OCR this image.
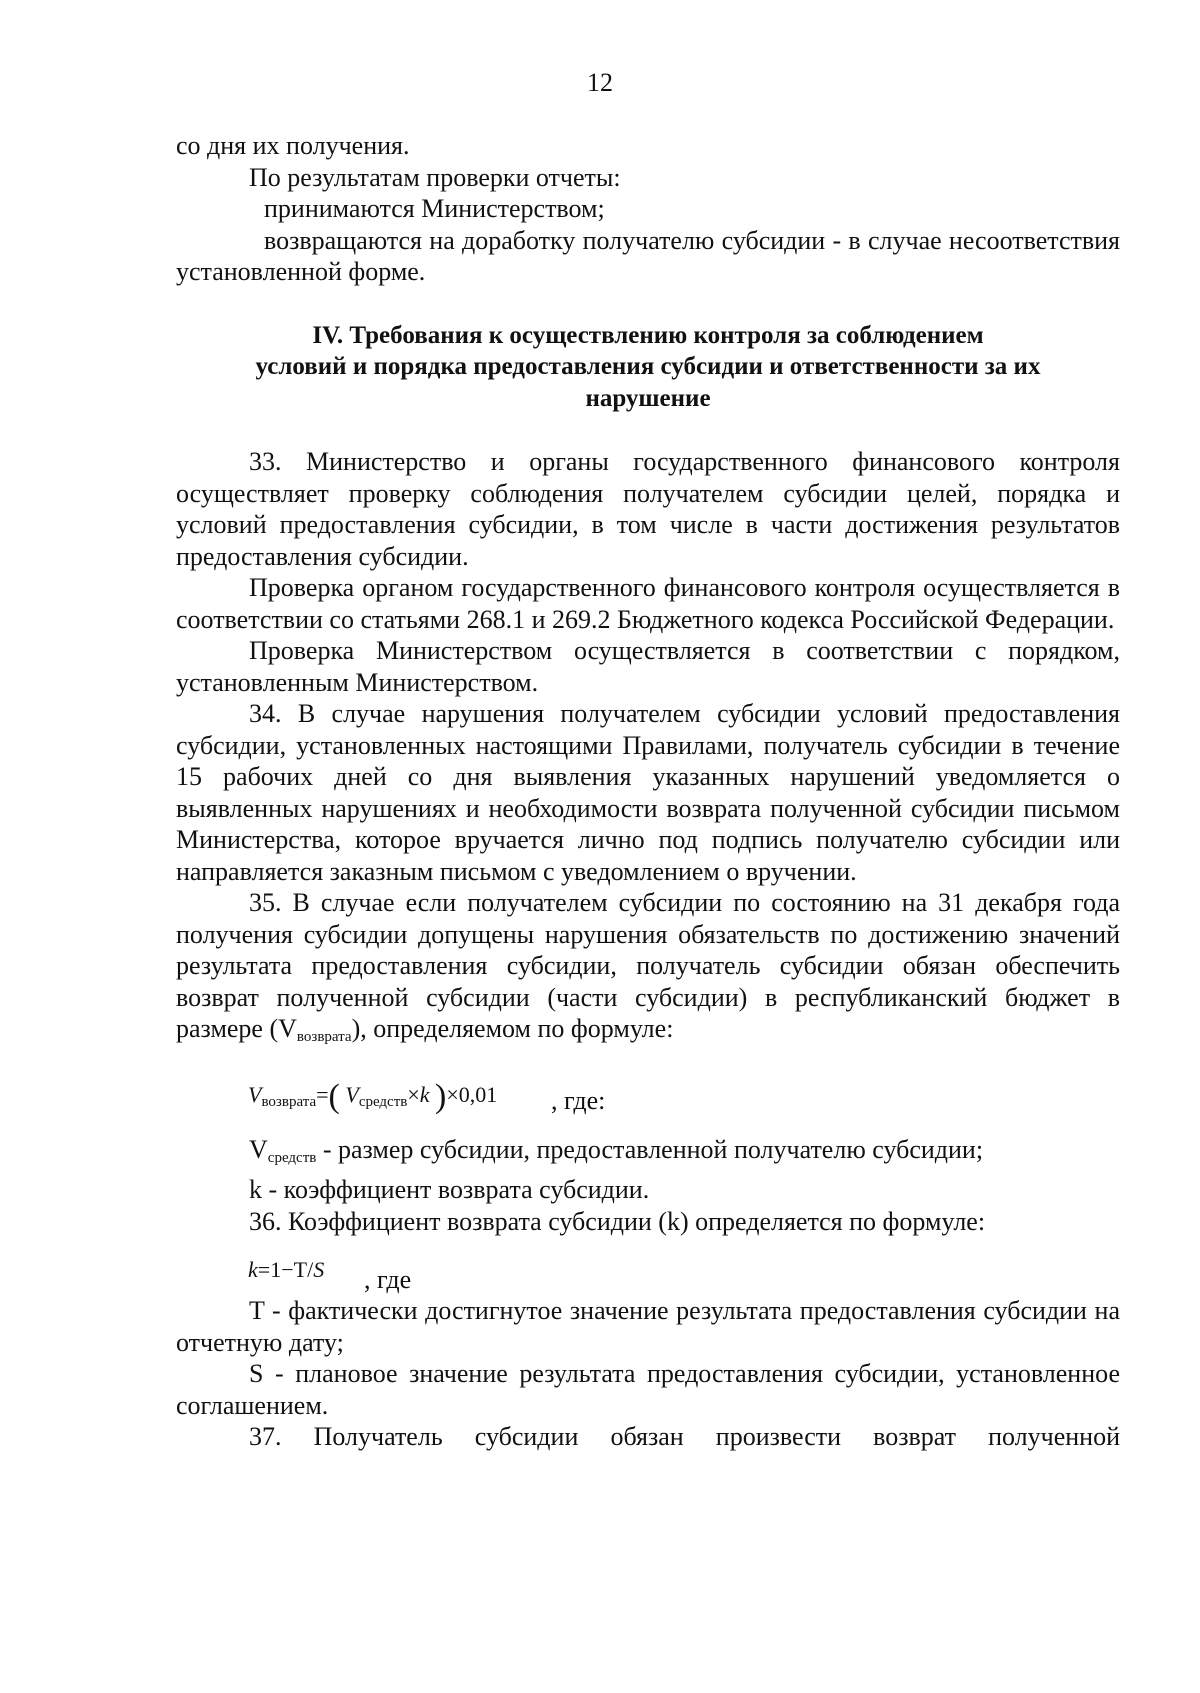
12

со дня их получения.

По результатам проверки отчеты:

принимаются Министерством;

возвращаются на доработку получателю субсидии - в случае несоответствия установленной форме.

IV. Требования к осуществлению контроля за соблюдением
условий и порядка предоставления субсидии и ответственности за их
нарушение

33. Министерство и органы государственного финансового контроля осуществляет проверку соблюдения получателем субсидии целей, порядка и условий предоставления субсидии, в том числе в части достижения результатов предоставления субсидии.

Проверка органом государственного финансового контроля осуществляется в соответствии со статьями 268.1 и 269.2 Бюджетного кодекса Российской Федерации.

Проверка Министерством осуществляется в соответствии с порядком, установленным Министерством.

34. В случае нарушения получателем субсидии условий предоставления субсидии, установленных настоящими Правилами, получатель субсидии в течение 15 рабочих дней со дня выявления указанных нарушений уведомляется о выявленных нарушениях и необходимости возврата полученной субсидии письмом Министерства, которое вручается лично под подпись получателю субсидии или направляется заказным письмом с уведомлением о вручении.

35. В случае если получателем субсидии по состоянию на 31 декабря года получения субсидии допущены нарушения обязательств по достижению значений результата предоставления субсидии, получатель субсидии обязан обеспечить возврат полученной субсидии (части субсидии) в республиканский бюджет в размере $(V_{возврата})$, определяемом по формуле:

$V_{возврата}=$( $V_{средств}\times k$ )×0,01 , где:

$V_{средств}$ - размер субсидии, предоставленной получателю субсидии;

k - коэффициент возврата субсидии.

36. Коэффициент возврата субсидии (k) определяется по формуле:

k=1−T/S , где

T - фактически достигнутое значение результата предоставления субсидии на отчетную дату;

S - плановое значение результата предоставления субсидии, установленное соглашением.

37. Получатель субсидии обязан произвести возврат полученной
